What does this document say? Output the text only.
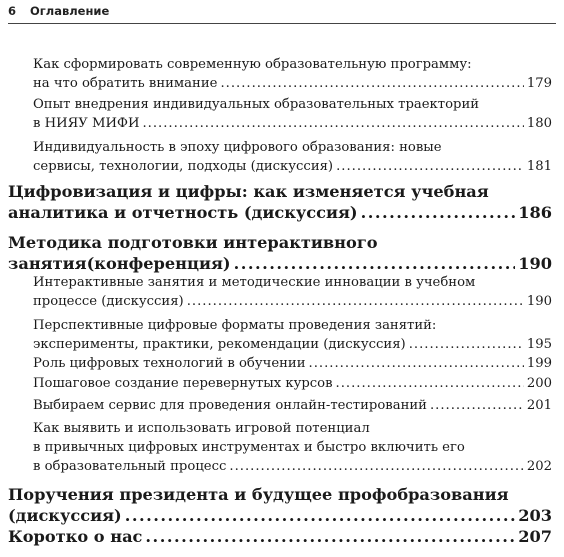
6	Оглавление
Как сформировать современную образовательную программу:
на что обратить внимание .....	179
Опыт внедрения индивидуальных образовательных траекторий
в НИЯУ МИФИ .....	180
Индивидуальность в эпоху цифрового образования: новые
сервисы, технологии, подходы (дискуссия) .....	181
Цифровизация и цифры: как изменяется учебная
аналитика и отчетность (дискуссия) .....	186
Методика подготовки интерактивного
занятия(конференция) .....	190
Интерактивные занятия и методические инновации в учебном
процессе (дискуссия) .....	190
Перспективные цифровые форматы проведения занятий:
эксперименты, практики, рекомендации (дискуссия) .....	195
Роль цифровых технологий в обучении .....	199
Пошаговое создание перевернутых курсов .....	200
Выбираем сервис для проведения онлайн-тестирований .....	201
Как выявить и использовать игровой потенциал
в привычных цифровых инструментах и быстро включить его
в образовательный процесс .....	202
Поручения президента и будущее профобразования
(дискуссия) .....	203
Коротко о нас .....	207
